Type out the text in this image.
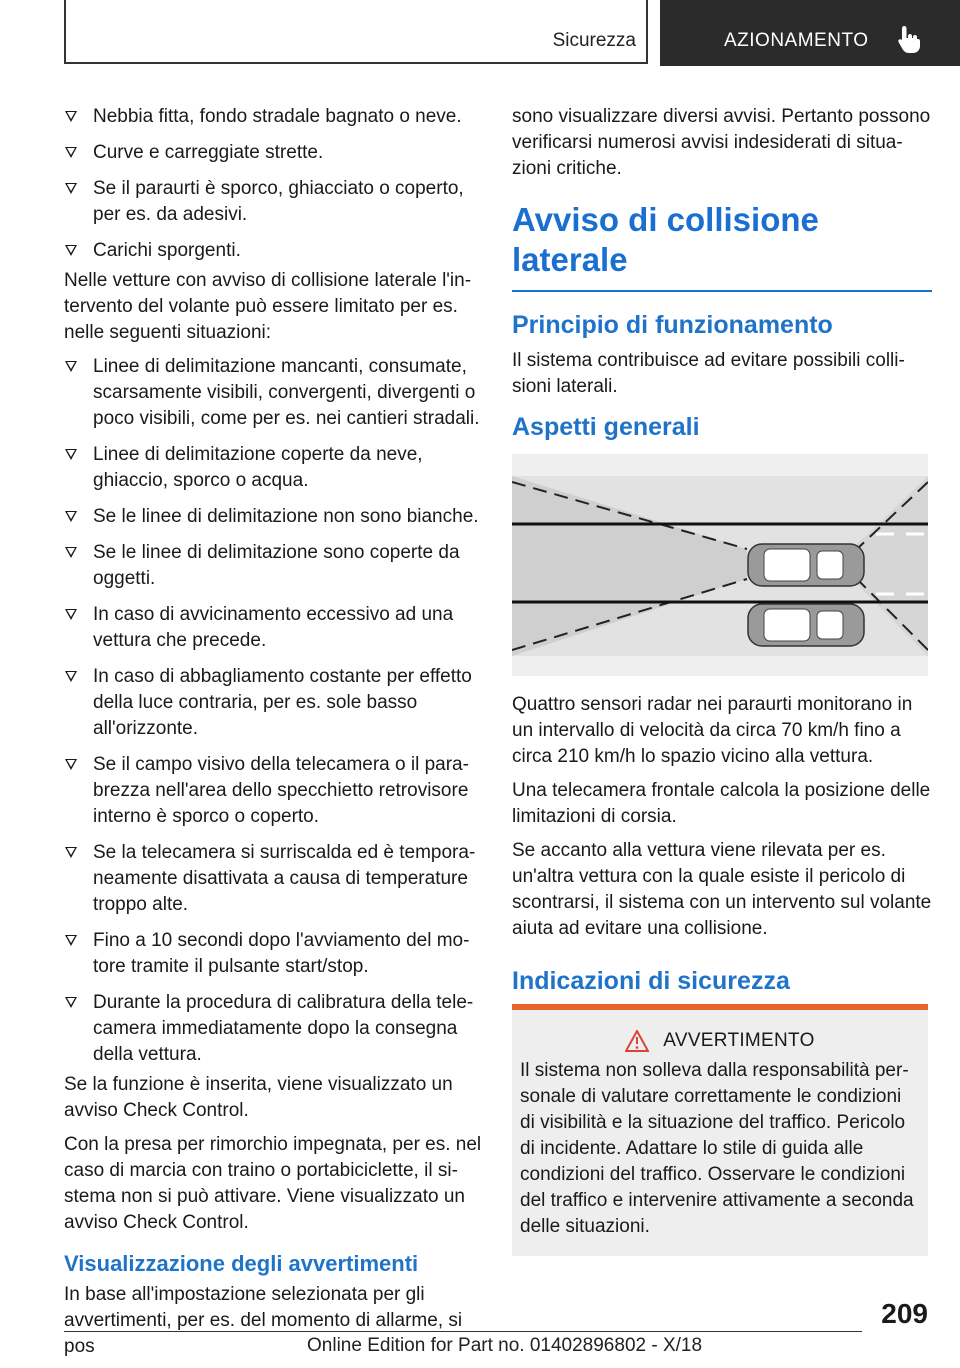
Sicurezza	AZIONAMENTO
Nebbia fitta, fondo stradale bagnato o neve.
Curve e carreggiate strette.
Se il paraurti è sporco, ghiacciato o coperto, per es. da adesivi.
Carichi sporgenti.

Nelle vetture con avviso di collisione laterale l'intervento del volante può essere limitato per es. nelle seguenti situazioni:

Linee di delimitazione mancanti, consumate, scarsamente visibili, convergenti, divergenti o poco visibili, come per es. nei cantieri stradali.
Linee di delimitazione coperte da neve, ghiaccio, sporco o acqua.
Se le linee di delimitazione non sono bianche.
Se le linee di delimitazione sono coperte da oggetti.
In caso di avvicinamento eccessivo ad una vettura che precede.
In caso di abbagliamento costante per effetto della luce contraria, per es. sole basso all'orizzonte.
Se il campo visivo della telecamera o il parabrezza nell'area dello specchietto retrovisore interno è sporco o coperto.
Se la telecamera si surriscalda ed è temporaneamente disattivata a causa di temperature troppo alte.
Fino a 10 secondi dopo l'avviamento del motore tramite il pulsante start/stop.
Durante la procedura di calibratura della telecamera immediatamente dopo la consegna della vettura.

Se la funzione è inserita, viene visualizzato un avviso Check Control.

Con la presa per rimorchio impegnata, per es. nel caso di marcia con traino o portabiciclette, il sistema non si può attivare. Viene visualizzato un avviso Check Control.

Visualizzazione degli avvertimenti

In base all'impostazione selezionata per gli avvertimenti, per es. del momento di allarme, si pos

sono visualizzare diversi avvisi. Pertanto possono verificarsi numerosi avvisi indesiderati di situazioni critiche.

Avviso di collisione laterale
Principio di funzionamento

Il sistema contribuisce ad evitare possibili collisioni laterali.

Aspetti generali

Quattro sensori radar nei paraurti monitorano in un intervallo di velocità da circa 70 km/h fino a circa 210 km/h lo spazio vicino alla vettura.

Una telecamera frontale calcola la posizione delle limitazioni di corsia.

Se accanto alla vettura viene rilevata per es. un'altra vettura con la quale esiste il pericolo di scontrarsi, il sistema con un intervento sul volante aiuta ad evitare una collisione.

Indicazioni di sicurezza
AVVERTIMENTO

Il sistema non solleva dalla responsabilità personale di valutare correttamente le condizioni di visibilità e la situazione del traffico. Pericolo di incidente. Adattare lo stile di guida alle condizioni del traffico. Osservare le condizioni del traffico e intervenire attivamente a seconda delle situazioni.

209
Online Edition for Part no. 01402896802 - X/18
